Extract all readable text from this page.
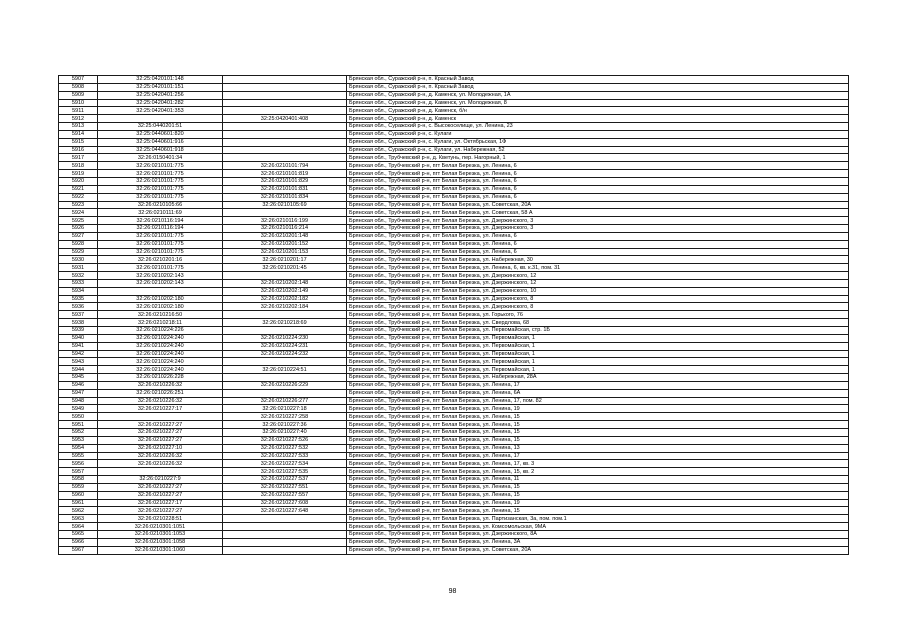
5907	32:25:0420101:148		Брянская обл., Суражский р-н, п. Красный Завод
5908	32:25:0420101:151		Брянская обл., Суражский р-н, п. Красный Завод
5909	32:25:0420401:256		Брянская обл., Суражский р-н, д. Каменск, ул. Молодежная, 1А
5910	32:25:0420401:282		Брянская обл., Суражский р-н, д. Каменск, ул. Молодежная, 8
5911	32:25:0420401:353		Брянская обл., Суражский р-н, д. Каменск, б/н
5912		32:25:0420401:408	Брянская обл., Суражский р-н, д. Каменск
5913	32:25:0440201:51		Брянская обл., Суражский р-н, с. Высокоселище, ул. Ленина, 23
5914	32:25:0440601:820		Брянская обл., Суражский р-н, с. Кулаги
5915	32:25:0440601:916		Брянская обл., Суражский р-н, с. Кулаги, ул. Октябрьская, 1Ф
5916	32:25:0440601:918		Брянская обл., Суражский р-н, с. Кулаги, ул. Набережная, 52
5917	32:26:0150401:34		Брянская обл., Трубчевский р-н, д. Кветунь, пер. Нагорный, 1
5918	32:26:0210101:775	32:26:0210101:794	Брянская обл., Трубчевский р-н, пгт Белая Березка, ул. Ленина, 6
5919	32:26:0210101:775	32:26:0210101:819	Брянская обл., Трубчевский р-н, пгт Белая Березка, ул. Ленина, 6
5920	32:26:0210101:775	32:26:0210101:829	Брянская обл., Трубчевский р-н, пгт Белая Березка, ул. Ленина, 6
5921	32:26:0210101:775	32:26:0210101:831	Брянская обл., Трубчевский р-н, пгт Белая Березка, ул. Ленина, 6
5922	32:26:0210101:775	32:26:0210101:834	Брянская обл., Трубчевский р-н, пгт Белая Березка, ул. Ленина, 6
5923	32:26:0210105:66	32:26:0210105:69	Брянская обл., Трубчевский р-н, пгт Белая Березка, ул. Советская, 20А
5924	32:26:0210111:69		Брянская обл., Трубчевский р-н, пгт Белая Березка, ул. Советская, 58 А
5925	32:26:0210116:194	32:26:0210116:199	Брянская обл., Трубчевский р-н, пгт Белая Березка, ул. Дзержинского, 3
5926	32:26:0210116:194	32:26:0210116:214	Брянская обл., Трубчевский р-н, пгт Белая Березка, ул. Дзержинского, 3
5927	32:26:0210101:775	32:26:0210201:148	Брянская обл., Трубчевский р-н, пгт Белая Березка, ул. Ленина, 6
5928	32:26:0210101:775	32:26:0210201:152	Брянская обл., Трубчевский р-н, пгт Белая Березка, ул. Ленина, 6
5929	32:26:0210101:775	32:26:0210201:153	Брянская обл., Трубчевский р-н, пгт Белая Березка, ул. Ленина, 6
5930	32:26:0210201:16	32:26:0210201:17	Брянская обл., Трубчевский р-н, пгт Белая Березка, ул. Набережная, 30
5931	32:26:0210101:775	32:26:0210201:45	Брянская обл., Трубчевский р-н, пгт Белая Березка, ул. Ленина, 6, кв. к.31, пом. 31
5932	32:26:0210202:143		Брянская обл., Трубчевский р-н, пгт Белая Березка, ул. Дзержинского, 12
5933	32:26:0210202:143	32:26:0210202:148	Брянская обл., Трубчевский р-н, пгт Белая Березка, ул. Дзержинского, 12
5934		32:26:0210202:149	Брянская обл., Трубчевский р-н, пгт Белая Березка, ул. Дзержинского, 10
5935	32:26:0210202:180	32:26:0210202:182	Брянская обл., Трубчевский р-н, пгт Белая Березка, ул. Дзержинского, 8
5936	32:26:0210202:180	32:26:0210202:184	Брянская обл., Трубчевский р-н, пгт Белая Березка, ул. Дзержинского, 8
5937	32:26:0210216:50		Брянская обл., Трубчевский р-н, пгт Белая Березка, ул. Горького, 76
5938	32:26:0210218:11	32:26:0210218:69	Брянская обл., Трубчевский р-н, пгт Белая Березка, ул. Свердлова, 68
5939	32:26:0210224:226		Брянская обл., Трубчевский р-н, пгт Белая Березка, ул. Первомайская, стр. 1Б
5940	32:26:0210224:240	32:26:0210224:230	Брянская обл., Трубчевский р-н, пгт Белая Березка, ул. Первомайская, 1
5941	32:26:0210224:240	32:26:0210224:231	Брянская обл., Трубчевский р-н, пгт Белая Березка, ул. Первомайская, 1
5942	32:26:0210224:240	32:26:0210224:232	Брянская обл., Трубчевский р-н, пгт Белая Березка, ул. Первомайская, 1
5943	32:26:0210224:240		Брянская обл., Трубчевский р-н, пгт Белая Березка, ул. Первомайская, 1
5944	32:26:0210224:240	32:26:0210224:51	Брянская обл., Трубчевский р-н, пгт Белая Березка, ул. Первомайская, 1
5945	32:26:0210226:228		Брянская обл., Трубчевский р-н, пгт Белая Березка, ул. Набережная, 28А
5946	32:26:0210226:32	32:26:0210226:229	Брянская обл., Трубчевский р-н, пгт Белая Березка, ул. Ленина, 17
5947	32:26:0210226:251		Брянская обл., Трубчевский р-н, пгт Белая Березка, ул. Ленина, 6А
5948	32:26:0210226:32	32:26:0210226:277	Брянская обл., Трубчевский р-н, пгт Белая Березка, ул. Ленина, 17, пом. 82
5949	32:26:0210227:17	32:26:0210227:18	Брянская обл., Трубчевский р-н, пгт Белая Березка, ул. Ленина, 19
5950		32:26:0210227:258	Брянская обл., Трубчевский р-н, пгт Белая Березка, ул. Ленина, 15
5951	32:26:0210227:27	32:26:0210227:36	Брянская обл., Трубчевский р-н, пгт Белая Березка, ул. Ленина, 15
5952	32:26:0210227:27	32:26:0210227:40	Брянская обл., Трубчевский р-н, пгт Белая Березка, ул. Ленина, 15
5953	32:26:0210227:27	32:26:0210227:526	Брянская обл., Трубчевский р-н, пгт Белая Березка, ул. Ленина, 15
5954	32:26:0210227:10	32:26:0210227:532	Брянская обл., Трубчевский р-н, пгт Белая Березка, ул. Ленина, 13
5955	32:26:0210226:32	32:26:0210227:533	Брянская обл., Трубчевский р-н, пгт Белая Березка, ул. Ленина, 17
5956	32:26:0210226:32	32:26:0210227:534	Брянская обл., Трубчевский р-н, пгт Белая Березка, ул. Ленина, 17, кв. 3
5957		32:26:0210227:535	Брянская обл., Трубчевский р-н, пгт Белая Березка, ул. Ленина, 15, кв. 2
5958	32:26:0210227:9	32:26:0210227:537	Брянская обл., Трубчевский р-н, пгт Белая Березка, ул. Ленина, 11
5959	32:26:0210227:27	32:26:0210227:551	Брянская обл., Трубчевский р-н, пгт Белая Березка, ул. Ленина, 15
5960	32:26:0210227:27	32:26:0210227:557	Брянская обл., Трубчевский р-н, пгт Белая Березка, ул. Ленина, 15
5961	32:26:0210227:17	32:26:0210227:608	Брянская обл., Трубчевский р-н, пгт Белая Березка, ул. Ленина, 19
5962	32:26:0210227:27	32:26:0210227:648	Брянская обл., Трубчевский р-н, пгт Белая Березка, ул. Ленина, 15
5963	32:26:0210228:51		Брянская обл., Трубчевский р-н, пгт Белая Березка, ул. Партизанская, 3а, пом. пом.1
5964	32:26:0210301:1051		Брянская обл., Трубчевский р-н, пгт Белая Березка, ул. Комсомольская, 9МА
5965	32:26:0210301:1053		Брянская обл., Трубчевский р-н, пгт Белая Березка, ул. Дзержинского, 8А
5966	32:26:0210301:1058		Брянская обл., Трубчевский р-н, пгт Белая Березка, ул. Ленина, 3А
5967	32:26:0210301:1060		Брянская обл., Трубчевский р-н, пгт Белая Березка, ул. Советская, 20А
98
